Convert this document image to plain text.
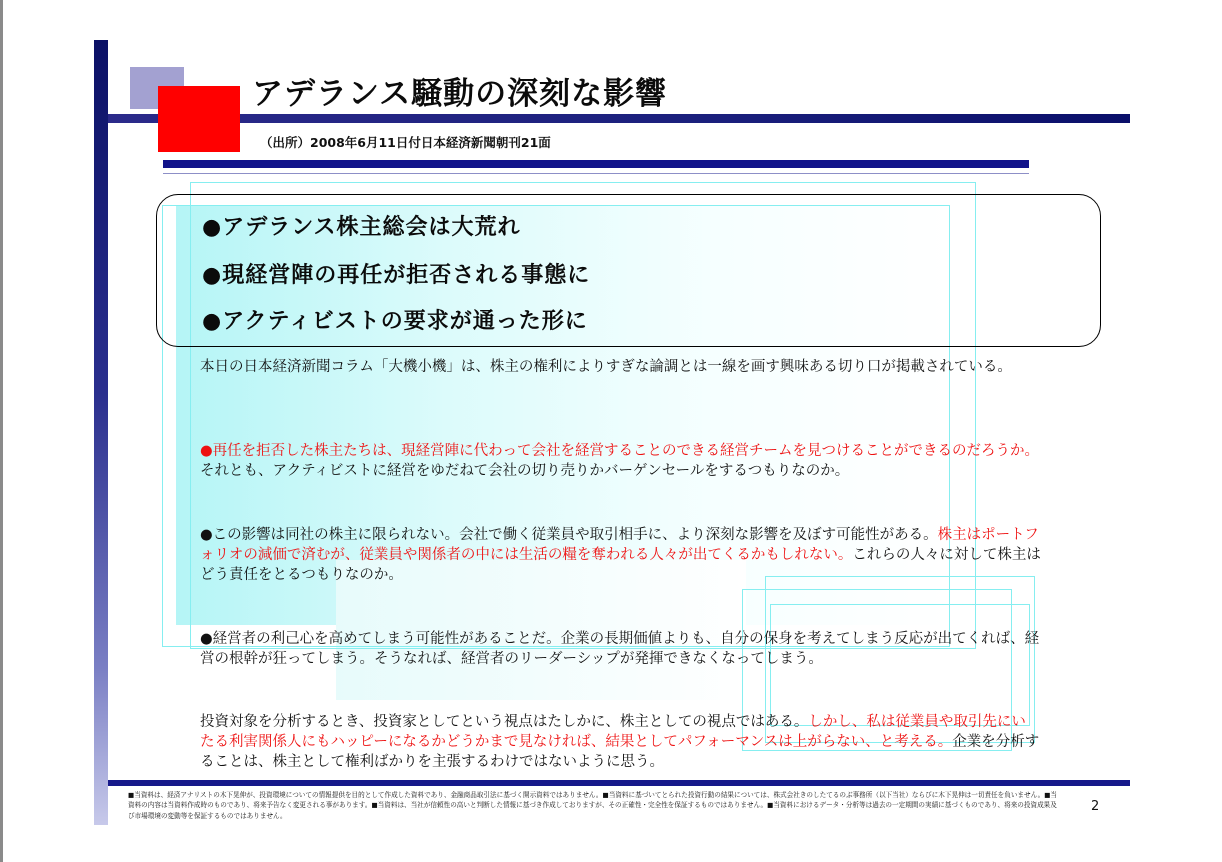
アデランス騒動の深刻な影響
（出所）2008年6月11日付日本経済新聞朝刊21面
●アデランス株主総会は大荒れ
●現経営陣の再任が拒否される事態に
●アクティビストの要求が通った形に
本日の日本経済新聞コラム「大機小機」は、株主の権利によりすぎな論調とは一線を画す興味ある切り口が掲載されている。
●再任を拒否した株主たちは、現経営陣に代わって会社を経営することのできる経営チームを見つけることができるのだろうか。それとも、アクティビストに経営をゆだねて会社の切り売りかバーゲンセールをするつもりなのか。
●この影響は同社の株主に限られない。会社で働く従業員や取引相手に、より深刻な影響を及ぼす可能性がある。株主はポートフォリオの減価で済むが、従業員や関係者の中には生活の糧を奪われる人々が出てくるかもしれない。これらの人々に対して株主はどう責任をとるつもりなのか。
●経営者の利己心を高めてしまう可能性があることだ。企業の長期価値よりも、自分の保身を考えてしまう反応が出てくれば、経営の根幹が狂ってしまう。そうなれば、経営者のリーダーシップが発揮できなくなってしまう。
投資対象を分析するとき、投資家としてという視点はたしかに、株主としての視点ではある。しかし、私は従業員や取引先にいたる利害関係人にもハッピーになるかどうかまで見なければ、結果としてパフォーマンスは上がらない、と考える。企業を分析することは、株主として権利ばかりを主張するわけではないように思う。
■当資料は、経済アナリストの木下晃伸が、投資環境についての情報提供を目的として作成した資料であり、金融商品取引法に基づく開示資料ではありません。■当資料に基づいてとられた投資行動の結果については、株式会社きのしたてるのぶ事務所（以下当社）ならびに木下晃伸は一切責任を負いません。■当資料の内容は当資料作成時のものであり、将来予告なく変更される事があります。■当資料は、当社が信頼性の高いと判断した情報に基づき作成しておりますが、その正確性・完全性を保証するものではありません。■当資料におけるデータ・分析等は過去の一定期間の実績に基づくものであり、将来の投資成果及び市場環境の変動等を保証するものではありません。
2
